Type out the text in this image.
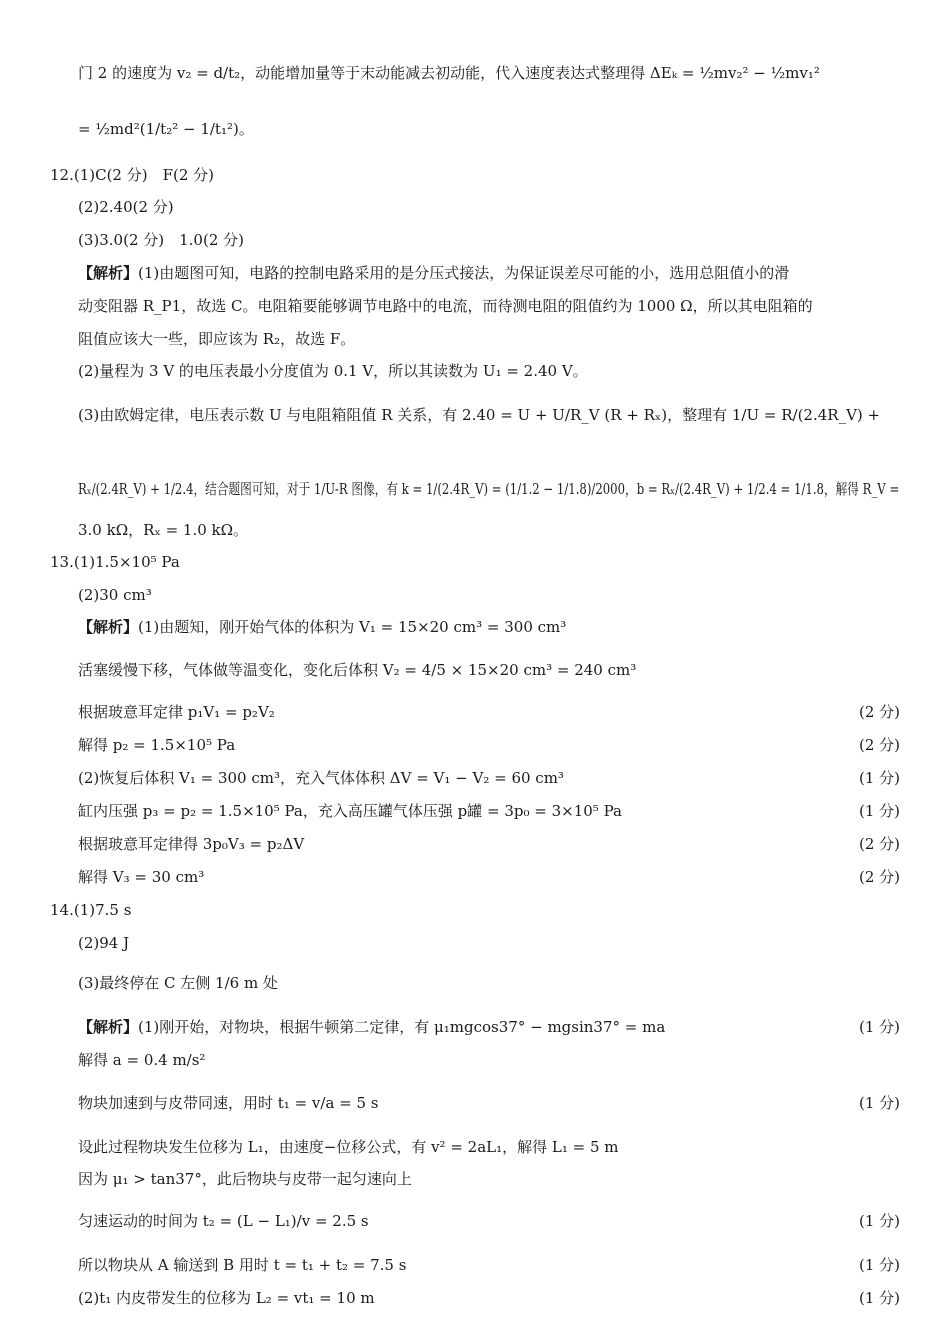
门 2 的速度为 v₂ = d/t₂，动能增加量等于末动能减去初动能，代入速度表达式整理得 ΔEₖ = ½mv₂² − ½mv₁²
= ½md²(1/t₂² − 1/t₁²)。
12.(1)C(2 分)　F(2 分)
(2)2.40(2 分)
(3)3.0(2 分)　1.0(2 分)
【解析】(1)由题图可知，电路的控制电路采用的是分压式接法，为保证误差尽可能的小，选用总阻值小的滑
动变阻器 R_P1，故选 C。电阻箱要能够调节电路中的电流，而待测电阻的阻值约为 1000 Ω，所以其电阻箱的
阻值应该大一些，即应该为 R₂，故选 F。
(2)量程为 3 V 的电压表最小分度值为 0.1 V，所以其读数为 U₁ = 2.40 V。
(3)由欧姆定律，电压表示数 U 与电阻箱阻值 R 关系，有 2.40 = U + U/R_V (R + Rₓ)，整理有 1/U = R/(2.4R_V) +
Rₓ/(2.4R_V) + 1/2.4，结合题图可知，对于 1/U-R 图像，有 k = 1/(2.4R_V) = (1/1.2 − 1/1.8)/2000，b = Rₓ/(2.4R_V) + 1/2.4 = 1/1.8，解得 R_V =
3.0 kΩ，Rₓ = 1.0 kΩ。
13.(1)1.5×10⁵ Pa
(2)30 cm³
【解析】(1)由题知，刚开始气体的体积为 V₁ = 15×20 cm³ = 300 cm³
活塞缓慢下移，气体做等温变化，变化后体积 V₂ = 4/5 × 15×20 cm³ = 240 cm³
根据玻意耳定律 p₁V₁ = p₂V₂	(2 分)
解得 p₂ = 1.5×10⁵ Pa	(2 分)
(2)恢复后体积 V₁ = 300 cm³，充入气体体积 ΔV = V₁ − V₂ = 60 cm³	(1 分)
缸内压强 p₃ = p₂ = 1.5×10⁵ Pa，充入高压罐气体压强 p罐 = 3p₀ = 3×10⁵ Pa	(1 分)
根据玻意耳定律得 3p₀V₃ = p₂ΔV	(2 分)
解得 V₃ = 30 cm³	(2 分)
14.(1)7.5 s
(2)94 J
(3)最终停在 C 左侧 1/6 m 处
【解析】(1)刚开始，对物块，根据牛顿第二定律，有 μ₁mgcos37° − mgsin37° = ma	(1 分)
解得 a = 0.4 m/s²
物块加速到与皮带同速，用时 t₁ = v/a = 5 s	(1 分)
设此过程物块发生位移为 L₁，由速度−位移公式，有 v² = 2aL₁，解得 L₁ = 5 m
因为 μ₁ > tan37°，此后物块与皮带一起匀速向上
匀速运动的时间为 t₂ = (L − L₁)/v = 2.5 s	(1 分)
所以物块从 A 输送到 B 用时 t = t₁ + t₂ = 7.5 s	(1 分)
(2)t₁ 内皮带发生的位移为 L₂ = vt₁ = 10 m	(1 分)
